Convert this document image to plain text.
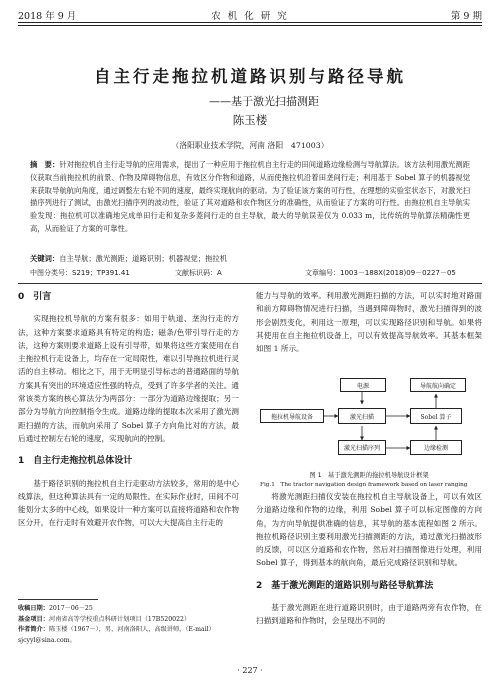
2018 年 9 月	农 机 化 研 究	第 9 期
自主行走拖拉机道路识别与路径导航
——基于激光扫描测距
陈玉楼
（洛阳职业技术学院，河南 洛阳　471003）
摘　要：针对拖拉机自主行走导航的应用需求，提出了一种应用于拖拉机自主行走的田间道路边缘检测与导航算法。该方法利用激光测距仪获取当前拖拉机的前景、作物及障碍物信息，有效区分作物和道路，从而使拖拉机沿着田垄间行走；利用基于 Sobel 算子的机器视觉来获取导航航向角度，通过调整左右轮不同的速度，最终实现航向的驱动。为了验证该方案的可行性，在理想的实验室状态下，对激光扫描序列进行了测试，由激光扫描序列的波动性，验证了其对道路和农作物区分的准确性，从而验证了方案的可行性。由拖拉机自主导航实验发现：拖拉机可以准确地完成单田行走和复杂多菱间行走的自主导航，最大的导航误差仅为 0.033 m，比传统的导航算法精确性更高，从而验证了方案的可靠性。
关键词：自主导航；激光测距；道路识别；机器视觉；拖拉机
中图分类号：S219；TP391.41	文献标识码：A	文章编号：1003－188X(2018)09－0227－05
0　引言
实现拖拉机导航的方案有很多：如用于轨道、垄沟行走的方法，这种方案要求道路具有特定的构造；磁条/色带引导行走的方法，这种方案则要求道路上设有引导带，如果将这些方案使用在自主拖拉机行走设备上，均存在一定局限性，难以引导拖拉机进行灵活的自主移动。相比之下，用于无明显引导标志的普通路面的导航方案具有突出的环境适应性强的特点，受到了许多学者的关注。通常该类方案的核心算法分为两部分：一部分为道路边缘提取；另一部分为导航方向控制指令生成。道路边缘的提取本次采用了激光测距扫描的方法，而航向采用了 Sobel 算子方向角比对的方法，最后通过控制左右轮的速度，实现航向的控制。
1　自主行走拖拉机总体设计
基于路径识别的拖拉机自主行走驱动方法较多，常用的是中心线算法，但这种算法具有一定的局限性。在实际作业时，田间不可能划分太多的中心线，如果设计一种方案可以直接将道路和农作物区分开，在行走时有效避开农作物，可以大大提高自主行走的
收稿日期：2017－06－25
基金项目：河南省高等学校重点科研计划项目（17B520022）
作者简介：陈玉楼（1967－），男，河南洛阳人，高级讲师，（E-mail）sjcyyl@sina.com。
能力与导航的效率。利用激光测距扫描的方法，可以实时地对路面和前方障碍物情况进行扫描，当遇到障碍物时，激光扫描得到的波形会剧烈变化，利用这一原理，可以实现路径识别和导航。如果将其使用在自主拖拉机设备上，可以有效提高导航效率。其基本框架如图 1 所示。
电源	导航航向确定
拖拉机导航设备	激光扫描	Sobel 算子
激光扫描序列	边缘检测
图 1　基于激光测距的拖拉机导航设计框架
Fig.1　The tractor navigation design framework based on laser ranging
将激光测距扫描仪安装在拖拉机自主导航设备上，可以有效区分道路边缘和作物的边缘，利用 Sobel 算子可以标定图像的方向角，为方向导航提供准确的信息，其导航的基本流程如图 2 所示。拖拉机路径识别主要利用激光扫描测距的方法，通过激光扫描波形的反馈，可以区分道路和农作物，然后对扫描图像进行处理，利用 Sobel 算子，得到基本的航向角，最后完成路径识别和导航。
2　基于激光测距的道路识别与路径导航算法
基于激光测距在进行道路识别时，由于道路两旁有农作物，在扫描到道路和作物时，会呈现出不同的
· 227 ·
